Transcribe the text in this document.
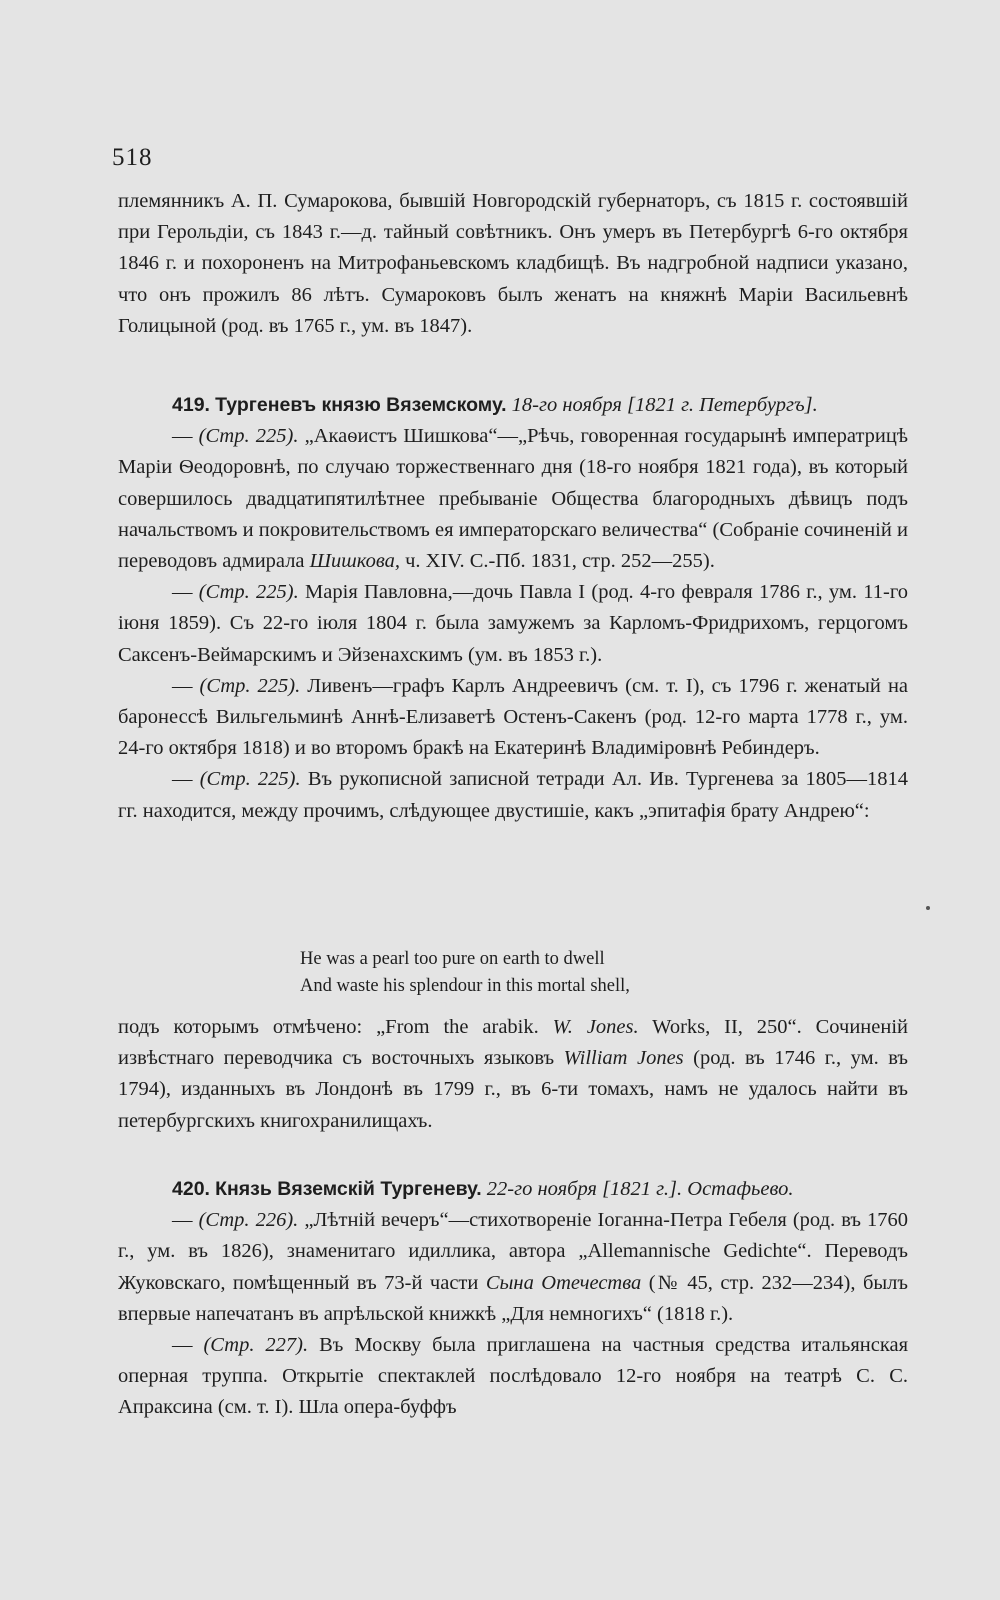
518

племянникъ А. П. Сумарокова, бывшій Новгородскій губернаторъ, съ 1815 г. состоявшій при Герольдіи, съ 1843 г.—д. тайный совѣтникъ. Онъ умеръ въ Петербургѣ 6-го октября 1846 г. и похороненъ на Митрофаньевскомъ кладбищѣ. Въ надгробной надписи указано, что онъ прожилъ 86 лѣтъ. Сумароковъ былъ женатъ на княжнѣ Маріи Васильевнѣ Голицыной (род. въ 1765 г., ум. въ 1847).

419. Тургеневъ князю Вяземскому. 18-го ноября [1821 г. Петербургъ].

— (Стр. 225). „Акаѳистъ Шишкова“—„Рѣчь, говоренная государынѣ императрицѣ Маріи Ѳеодоровнѣ, по случаю торжественнаго дня (18-го ноября 1821 года), въ который совершилось двадцатипятилѣтнее пребываніе Общества благородныхъ дѣвицъ подъ начальствомъ и покровительствомъ ея императорскаго величества“ (Собраніе сочиненій и переводовъ адмирала Шишкова, ч. XIV. С.-Пб. 1831, стр. 252—255).

— (Стр. 225). Марія Павловна,—дочь Павла I (род. 4-го февраля 1786 г., ум. 11-го іюня 1859). Съ 22-го іюля 1804 г. была замужемъ за Карломъ-Фридрихомъ, герцогомъ Саксенъ-Веймарскимъ и Эйзенахскимъ (ум. въ 1853 г.).

— (Стр. 225). Ливенъ—графъ Карлъ Андреевичъ (см. т. I), съ 1796 г. женатый на баронессѣ Вильгельминѣ Аннѣ-Елизаветѣ Остенъ-Сакенъ (род. 12-го марта 1778 г., ум. 24-го октября 1818) и во второмъ бракѣ на Екатеринѣ Владиміровнѣ Ребиндеръ.

— (Стр. 225). Въ рукописной записной тетради Ал. Ив. Тургенева за 1805—1814 гг. находится, между прочимъ, слѣдующее двустишіе, какъ „эпитафія брату Андрею“:

He was a pearl too pure on earth to dwell
And waste his splendour in this mortal shell,

подъ которымъ отмѣчено: „From the arabik. W. Jones. Works, II, 250“. Сочиненій извѣстнаго переводчика съ восточныхъ языковъ William Jones (род. въ 1746 г., ум. въ 1794), изданныхъ въ Лондонѣ въ 1799 г., въ 6-ти томахъ, намъ не удалось найти въ петербургскихъ книгохранилищахъ.

420. Князь Вяземскій Тургеневу. 22-го ноября [1821 г.]. Остафьево.

— (Стр. 226). „Лѣтній вечеръ“—стихотвореніе Іоганна-Петра Гебеля (род. въ 1760 г., ум. въ 1826), знаменитаго идиллика, автора „Allemannische Gedichte“. Переводъ Жуковскаго, помѣщенный въ 73-й части Сына Отечества (№ 45, стр. 232—234), былъ впервые напечатанъ въ апрѣльской книжкѣ „Для немногихъ“ (1818 г.).

— (Стр. 227). Въ Москву была приглашена на частныя средства итальянская оперная труппа. Открытіе спектаклей послѣдовало 12-го ноября на театрѣ С. С. Апраксина (см. т. I). Шла опера-буффъ
